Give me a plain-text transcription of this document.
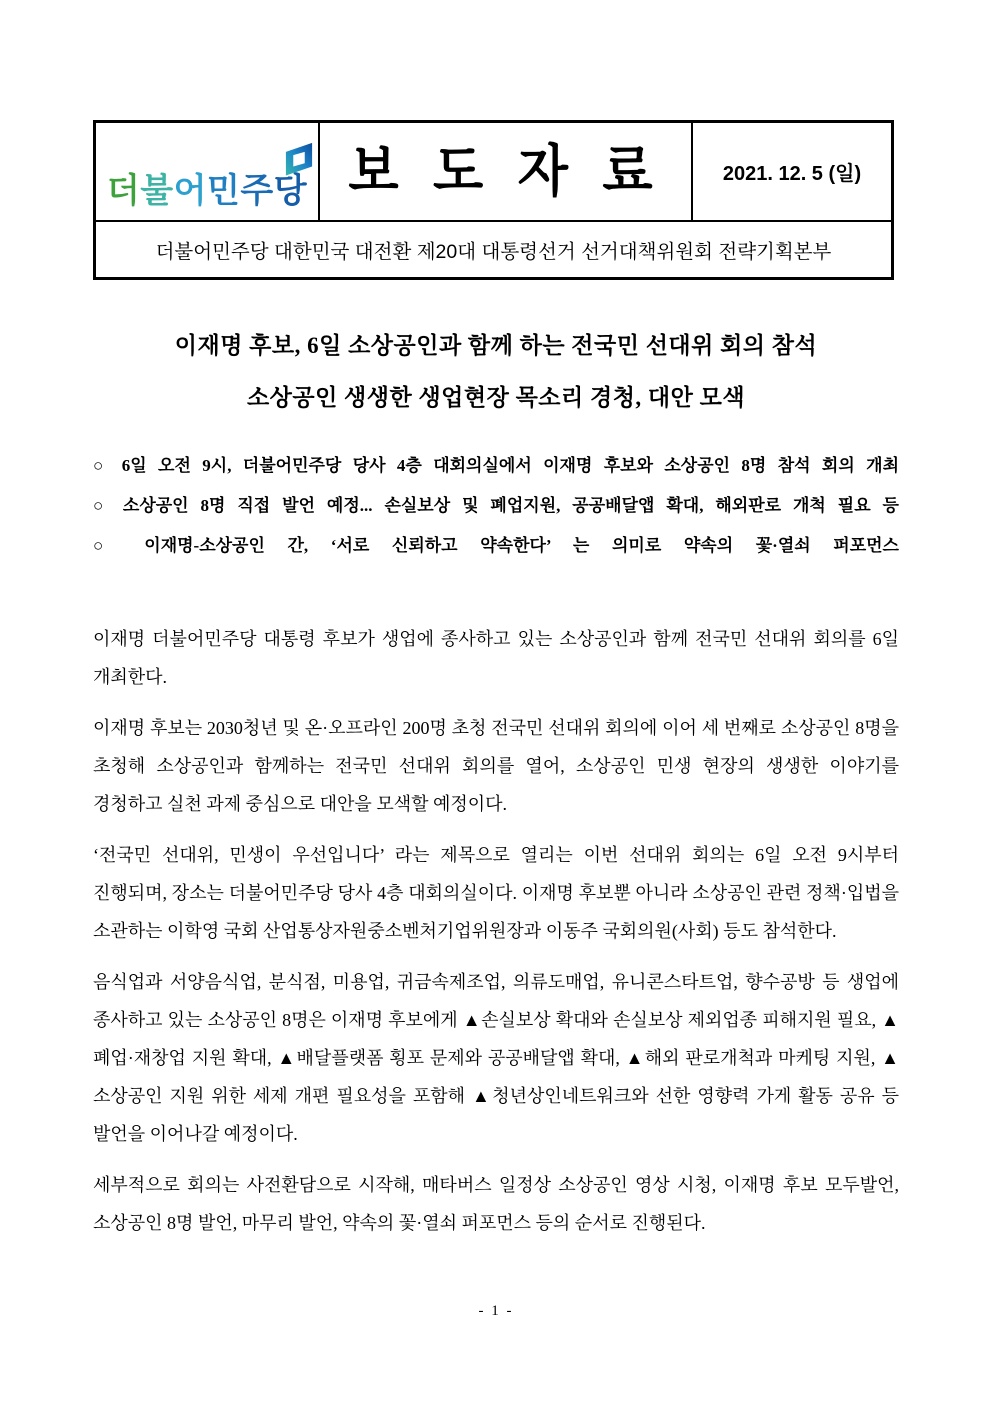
더불어민주당 보 도 자 료	2021. 12. 5 (일)
더불어민주당 대한민국 대전환 제20대 대통령선거 선거대책위원회 전략기획본부
이재명 후보, 6일 소상공인과 함께 하는 전국민 선대위 회의 참석
소상공인 생생한 생업현장 목소리 경청, 대안 모색
○ 6일 오전 9시, 더불어민주당 당사 4층 대회의실에서 이재명 후보와 소상공인 8명 참석 회의 개최
○ 소상공인 8명 직접 발언 예정... 손실보상 및 폐업지원, 공공배달앱 확대, 해외판로 개척 필요 등
○ 이재명-소상공인 간, ‘서로 신뢰하고 약속한다’ 는 의미로 약속의 꽃·열쇠 퍼포먼스

이재명 더불어민주당 대통령 후보가 생업에 종사하고 있는 소상공인과 함께 전국민 선대위 회의를 6일 개최한다.

이재명 후보는 2030청년 및 온·오프라인 200명 초청 전국민 선대위 회의에 이어 세 번째로 소상공인 8명을 초청해 소상공인과 함께하는 전국민 선대위 회의를 열어, 소상공인 민생 현장의 생생한 이야기를 경청하고 실천 과제 중심으로 대안을 모색할 예정이다.

‘전국민 선대위, 민생이 우선입니다’ 라는 제목으로 열리는 이번 선대위 회의는 6일 오전 9시부터 진행되며, 장소는 더불어민주당 당사 4층 대회의실이다. 이재명 후보뿐 아니라 소상공인 관련 정책·입법을 소관하는 이학영 국회 산업통상자원중소벤처기업위원장과 이동주 국회의원(사회) 등도 참석한다.

음식업과 서양음식업, 분식점, 미용업, 귀금속제조업, 의류도매업, 유니콘스타트업, 향수공방 등 생업에 종사하고 있는 소상공인 8명은 이재명 후보에게 ▲손실보상 확대와 손실보상 제외업종 피해지원 필요, ▲폐업·재창업 지원 확대, ▲배달플랫폼 횡포 문제와 공공배달앱 확대, ▲해외 판로개척과 마케팅 지원, ▲소상공인 지원 위한 세제 개편 필요성을 포함해 ▲청년상인네트워크와 선한 영향력 가게 활동 공유 등 발언을 이어나갈 예정이다.

세부적으로 회의는 사전환담으로 시작해, 매타버스 일정상 소상공인 영상 시청, 이재명 후보 모두발언, 소상공인 8명 발언, 마무리 발언, 약속의 꽃·열쇠 퍼포먼스 등의 순서로 진행된다.

- 1 -
